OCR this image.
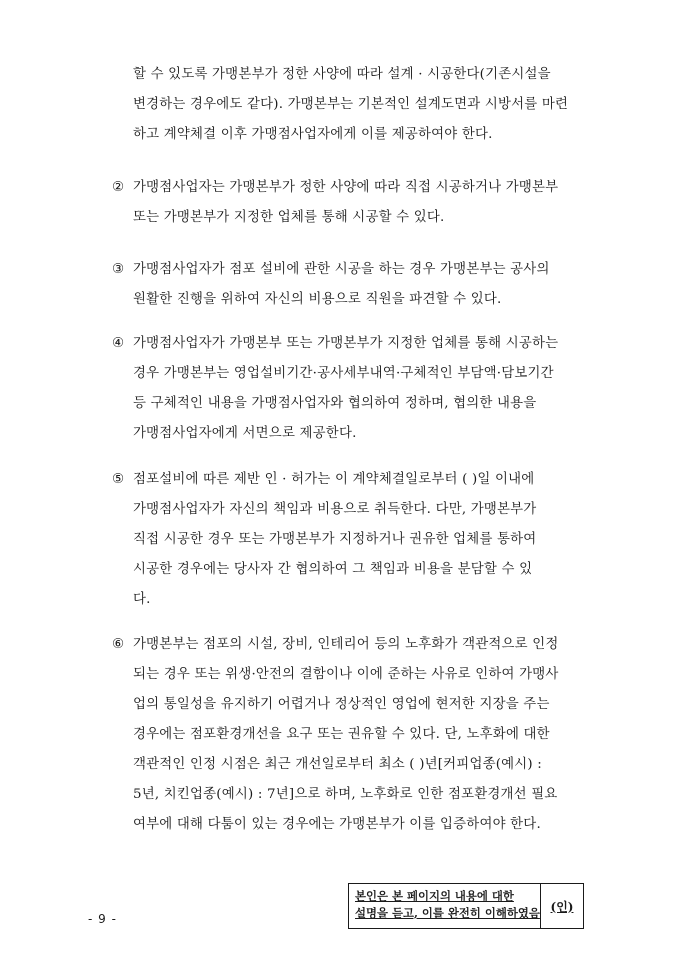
할 수 있도록 가맹본부가 정한 사양에 따라 설계 · 시공한다(기존시설을
변경하는 경우에도 같다). 가맹본부는 기본적인 설계도면과 시방서를 마련
하고 계약체결 이후 가맹점사업자에게 이를 제공하여야 한다.
② 가맹점사업자는 가맹본부가 정한 사양에 따라 직접 시공하거나 가맹본부
또는 가맹본부가 지정한 업체를 통해 시공할 수 있다.
③ 가맹점사업자가 점포 설비에 관한 시공을 하는 경우 가맹본부는 공사의
원활한 진행을 위하여 자신의 비용으로 직원을 파견할 수 있다.
④ 가맹점사업자가 가맹본부 또는 가맹본부가 지정한 업체를 통해 시공하는
경우 가맹본부는 영업설비기간·공사세부내역·구체적인 부담액·담보기간
등 구체적인 내용을 가맹점사업자와 협의하여 정하며, 협의한 내용을
가맹점사업자에게 서면으로 제공한다.
⑤ 점포설비에 따른 제반 인 · 허가는 이 계약체결일로부터 ( )일 이내에
가맹점사업자가 자신의 책임과 비용으로 취득한다. 다만, 가맹본부가
직접 시공한 경우 또는 가맹본부가 지정하거나 권유한 업체를 통하여
시공한 경우에는 당사자 간 협의하여 그 책임과 비용을 분담할 수 있
다.
⑥ 가맹본부는 점포의 시설, 장비, 인테리어 등의 노후화가 객관적으로 인정
되는 경우 또는 위생·안전의 결함이나 이에 준하는 사유로 인하여 가맹사
업의 통일성을 유지하기 어렵거나 정상적인 영업에 현저한 지장을 주는
경우에는 점포환경개선을 요구 또는 권유할 수 있다. 단, 노후화에 대한
객관적인 인정 시점은 최근 개선일로부터 최소 ( )년[커피업종(예시) :
5년, 치킨업종(예시) : 7년]으로 하며, 노후화로 인한 점포환경개선 필요
여부에 대해 다툼이 있는 경우에는 가맹본부가 이를 입증하여야 한다.
- 9 -
본인은 본 페이지의 내용에 대한
설명을 듣고, 이를 완전히 이해하였음 (인)
